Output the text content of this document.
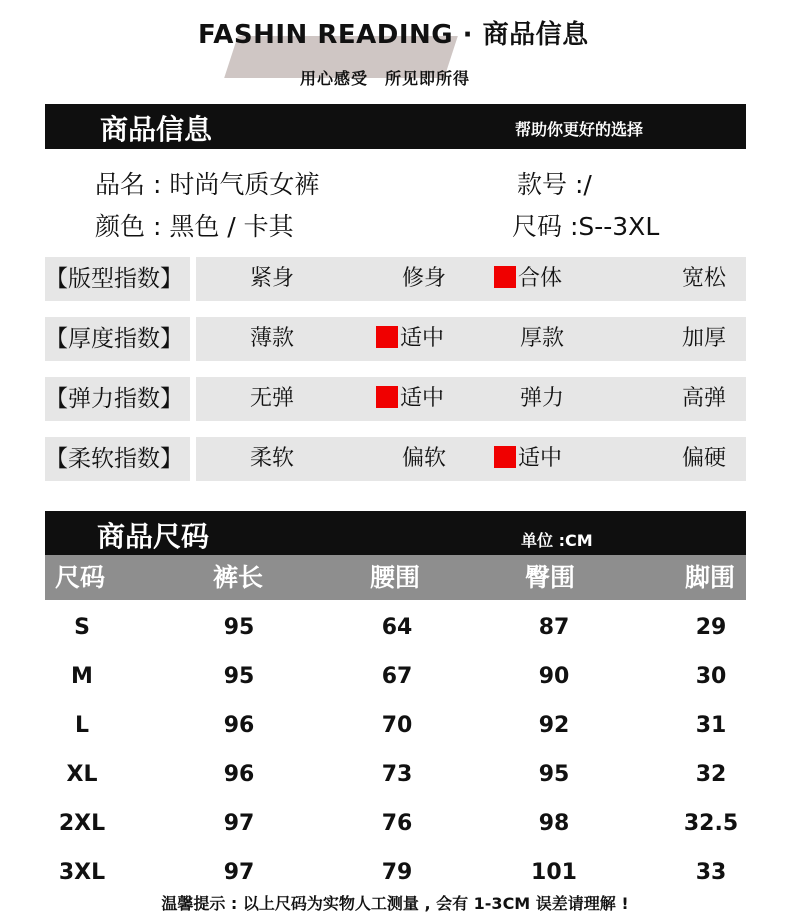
FASHIN READING · 商品信息
用心感受　所见即所得
商品信息	帮助你更好的选择
品名 : 时尚气质女裤	款号 :/
颜色 : 黑色 / 卡其	尺码 :S--3XL
【版型指数】	紧身	修身	合体	宽松
【厚度指数】	薄款	适中	厚款	加厚
【弹力指数】	无弹	适中	弹力	高弹
【柔软指数】	柔软	偏软	适中	偏硬
商品尺码	单位 :CM
尺码	裤长	腰围	臀围	脚围
S	95	64	87	29
M	95	67	90	30
L	96	70	92	31
XL	96	73	95	32
2XL	97	76	98	32.5
3XL	97	79	101	33
温馨提示 : 以上尺码为实物人工测量 , 会有 1-3CM 误差请理解 !
